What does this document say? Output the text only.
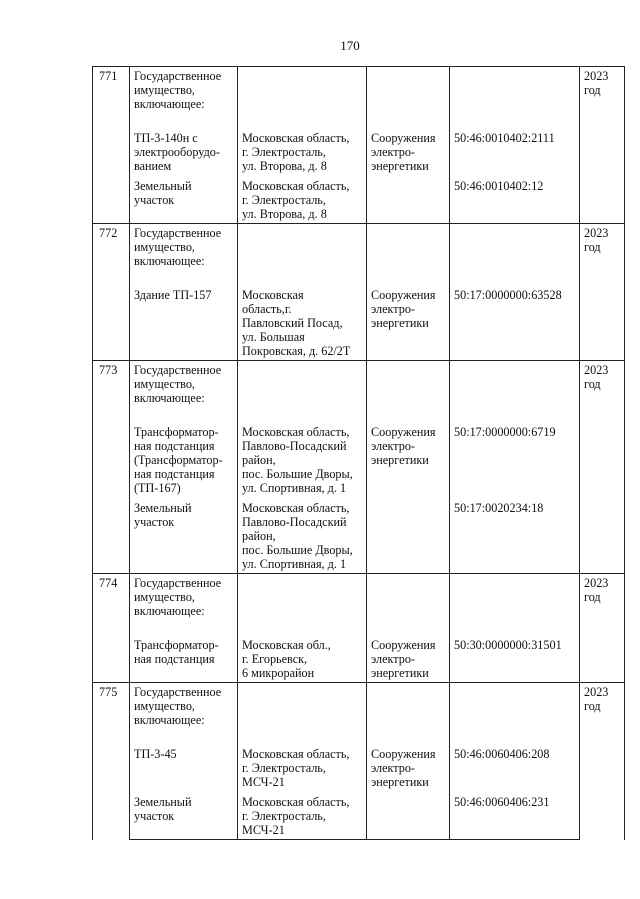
170
771	Государственное
имущество,
включающее:				2023 год

	ТП-3-140н с
электрооборудо-
ванием	Московская область,
г. Электросталь,
ул. Второва, д. 8	Сооружения
электро-
энергетики	50:46:0010402:2111	

	Земельный
участок	Московская область,
г. Электросталь,
ул. Второва, д. 8		50:46:0010402:12	
772	Государственное
имущество,
включающее:				2023 год

	Здание ТП-157	Московская
область,г.
Павловский Посад,
ул. Большая
Покровская, д. 62/2Т	Сооружения
электро-
энергетики	50:17:0000000:63528	
773	Государственное
имущество,
включающее:				2023 год

	Трансформатор-
ная подстанция
(Трансформатор-
ная подстанция
(ТП-167)	Московская область,
Павлово-Посадский
район,
пос. Большие Дворы,
ул. Спортивная, д. 1	Сооружения
электро-
энергетики	50:17:0000000:6719	

	Земельный
участок	Московская область,
Павлово-Посадский
район,
пос. Большие Дворы,
ул. Спортивная, д. 1		50:17:0020234:18	
774	Государственное
имущество,
включающее:				2023 год

	Трансформатор-
ная подстанция	Московская обл.,
г. Егорьевск,
6 микрорайон	Сооружения
электро-
энергетики	50:30:0000000:31501	
775	Государственное
имущество,
включающее:				2023 год

	ТП-3-45	Московская область,
г. Электросталь,
МСЧ-21	Сооружения
электро-
энергетики	50:46:0060406:208	

	Земельный
участок	Московская область,
г. Электросталь,
МСЧ-21		50:46:0060406:231	
